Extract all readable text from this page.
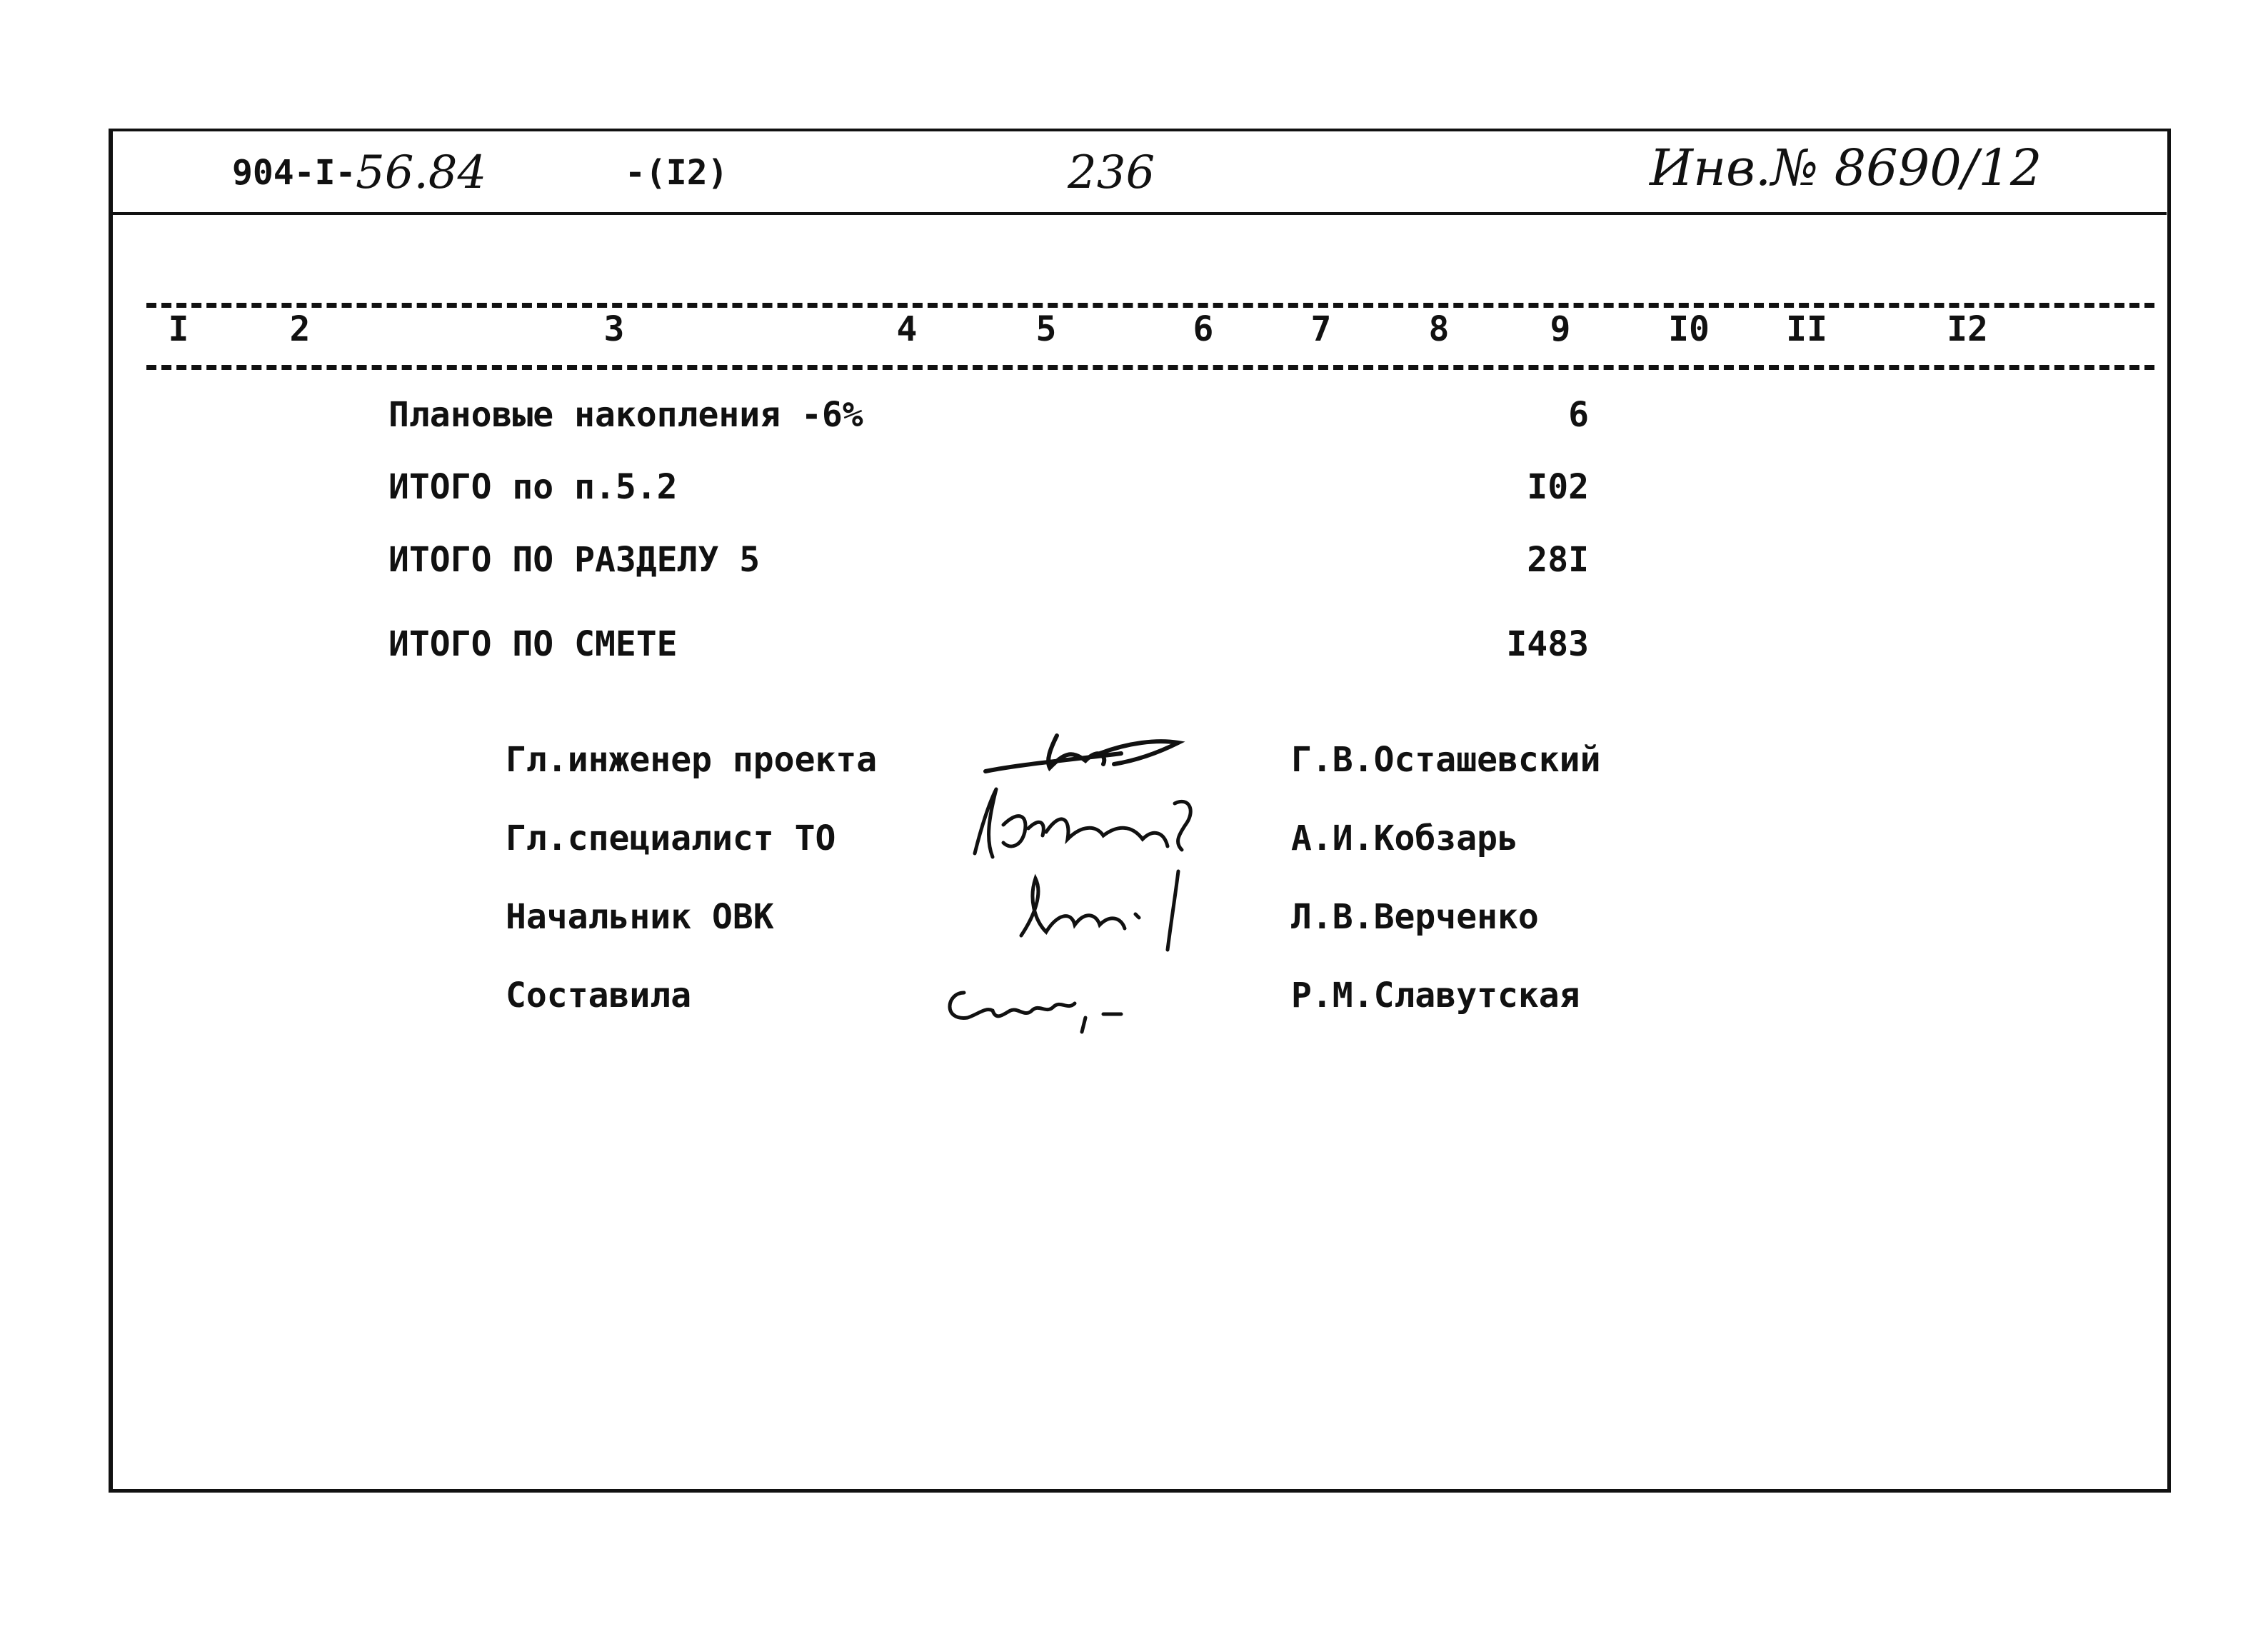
904-I- 56.84	-(I2)	236	Инв.№ 8690/12
I	2	3	4	5	6	7	8	9	I0 II	I2
Плановые накопления -6%	6
ИТОГО по п.5.2	I02
ИТОГО ПО РАЗДЕЛУ 5	28I
ИТОГО ПО СМЕТЕ	I483
Гл.инженер проекта	Г.В.Осташевский
Гл.специалист ТО	А.И.Кобзарь
Начальник ОВК	Л.В.Верченко
Составила	Р.М.Славутская
